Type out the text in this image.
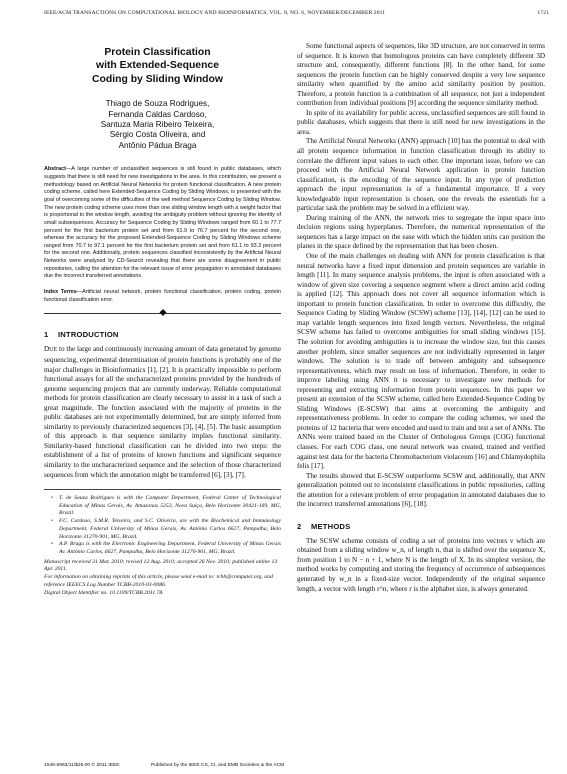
IEEE/ACM TRANSACTIONS ON COMPUTATIONAL BIOLOGY AND BIOINFORMATICS, VOL. 8, NO. 6, NOVEMBER/DECEMBER 2011	1721
Protein Classification
with Extended-Sequence
Coding by Sliding Window
Thiago de Souza Rodrigues,
Fernanda Caldas Cardoso,
Santuza Maria Ribeiro Teixeira,
Sérgio Costa Oliveira, and
Antônio Pádua Braga
Abstract—A large number of unclassified sequences is still found in public databases, which suggests that there is still need for new investigations in the area. In this contribution, we present a methodology based on Artificial Neural Networks for protein functional classification. A new protein coding scheme, called here Extended-Sequence Coding by Sliding Windows, is presented with the goal of overcoming some of the difficulties of the well method Sequence Coding by Sliding Window. The new protein coding scheme uses more than one sliding window length with a weight factor that is proportional to the window length, avoiding the ambiguity problem without ignoring the identity of small subsequences. Accuracy for Sequence Coding by Sliding Windows ranged from 60.1 to 77.7 percent for the first bacterium protein set and from 61.9 to 76.7 percent for the second one, whereas the accuracy for the proposed Extended-Sequence Coding by Sliding Windows scheme ranged from 70.7 to 97.1 percent for the first bacterium protein set and from 61.1 to 93.3 percent for the second one. Additionally, protein sequences classified inconsistently by the Artificial Neural Networks were analyzed by CD-Search revealing that there are some disagreement in public repositories, calling the attention for the relevant issue of error propagation in annotated databases due the incorrect transferred annotations.
Index Terms—Artificial neural network, protein functional classification, protein coding, protein functional classification error.
1 INTRODUCTION

DUE to the large and continuously increasing amount of data generated by genome sequencing, experimental determination of protein functions is probably one of the major challenges in Bioinformatics [1], [2]. It is practically impossible to perform functional assays for all the uncharacterized proteins provided by the hundreds of genome sequencing projects that are currently underway. Reliable computational methods for protein classification are clearly necessary to assist in a task of such a great magnitude. The function associated with the majority of proteins in the public databases are not experimentally determined, but are simply inferred from similarity to previously characterized sequences [3], [4], [5]. The basic assumption of this approach is that sequence similarity implies functional similarity. Similarity-based functional classification can be divided into two steps: the establishment of a list of proteins of known functions and significant sequence similarity to the uncharacterized sequence and the selection of those characterized sequences from which the annotation might be transferred [6], [3], [7].

•	T. de Souza Rodrigues is with the Computer Department, Federal Center of Technological Education of Minas Gerais, Av. Amazonas 5253, Nova Suiça, Belo Horizonte 30421-169, MG, Brazil.
•	F.C. Cardoso, S.M.R. Teixeira, and S.C. Oliveira, are with the Biochemical and Immunology Department, Federal University of Minas Gerais, Av. Antônio Carlos 6627, Pampulha, Belo Horizonte 31270-901, MG, Brazil.
•	A.P. Braga is with the Electronic Engineering Department, Federal University of Minas Gerais Av. Antônio Carlos, 6627, Pampulha, Belo Horizonte 31270-901, MG, Brazil.
Manuscript received 31 Mar. 2010; revised 12 Aug. 2010; accepted 26 Nov. 2010; published online 13 Apr. 2011.
For information on obtaining reprints of this article, please send e-mail to: tcbb@computer.org, and reference IEEECS Log Number TCBB-2010-03-0086.
Digital Object Identifier no. 10.1109/TCBB.2011.78.

Some functional aspects of sequences, like 3D structure, are not conserved in terms of sequence. It is known that homologous proteins can have completely different 3D structure and, consequently, different functions [8]. In the other hand, for some sequences the protein function can be highly conserved despite a very low sequence similarity when quantified by the amino acid similarity position by position. Therefore, a protein function is a combination of all sequence, not just a independent contribution from individual positions [9] according the sequence similarity method.

In spite of its availability for public access, unclassified sequences are still found in public databases, which suggests that there is still need for new investigations in the area.

The Artificial Neural Networks (ANN) approach [10] has the potential to deal with all protein sequence information in function classification through its ability to correlate the different input values to each other. One important issue, before we can proceed with the Artificial Neural Network application in protein function classification, is the encoding of the sequence input. In any type of prediction approach the input representation is of a fundamental importance. If a very knowledgeable input representation is chosen, one the reveals the essentials for a particular task the problem may be solved in a efficient way.

During training of the ANN, the network tries to segregate the input space into decision regions using hyperplanes. Therefore, the numerical representation of the sequences has a large impact on the ease with which the hidden units can position the planes in the space defined by the representation that has been chosen.

One of the main challenges on dealing with ANN for protein classification is that neural networks have a fixed input dimension and protein sequences are variable in length [11]. In many sequence analysis problems, the input is often associated with a window of given size covering a sequence segment where a direct amino acid coding is applied [12]. This approach does not cover all sequence information which is important to protein function classification. In order to overcome this difficulty, the Sequence Coding by Sliding Window (SCSW) scheme [13], [14], [12] can be used to map variable length sequences into fixed length vectors. Nevertheless, the original SCSW scheme has failed to overcome ambiguities for small sliding windows [15]. The solution for avoiding ambiguities is to increase the window size, but this causes another problem, since smaller sequences are not individually represented in larger windows. The solution is to trade off between ambiguity and subsequence representativeness, which may result on loss of information. Therefore, in order to improve labeling using ANN it is necessary to investigate new methods for representing and extracting information from protein sequences. In this paper we present an extension of the SCSW scheme, called here Extended-Sequence Coding by Sliding Windows (E-SCSW) that aims at overcoming the ambiguity and representativeness problems. In order to compare the coding schemes, we used the proteins of 12 bacteria that were encoded and used to train and test a set of ANNs. The ANNs were trained based on the Cluster of Orthologous Groups (COG) functional classes. For each COG class, one neural network was created, trained and verified against test data for the bacteria Chromobacterium violaceum [16] and Chlamydophila felis [17].

The results showed that E-SCSW outperforms SCSW and, additionally, that ANN generalization pointed out to inconsistent classifications in public repositories, calling the attention for a relevant problem of error propagation in annotated databases due to the incorrect transferred annotations [6], [18].

2 METHODS

The SCSW scheme consists of coding a set of proteins into vectors v which are obtained from a sliding window w_n, of length n, that is shifted over the sequence X, from position 1 to N − n + 1, where N is the length of X. In its simplest version, the method works by computing and storing the frequency of occurrence of subsequences generated by w_n in a fixed-size vector. Independently of the original sequence length, a vector with length r^n, where r is the alphabet size, is always generated.

1545-5963/11/$26.00 © 2011 IEEE	Published by the IEEE CS, CI, and EMB Societies & the ACM
